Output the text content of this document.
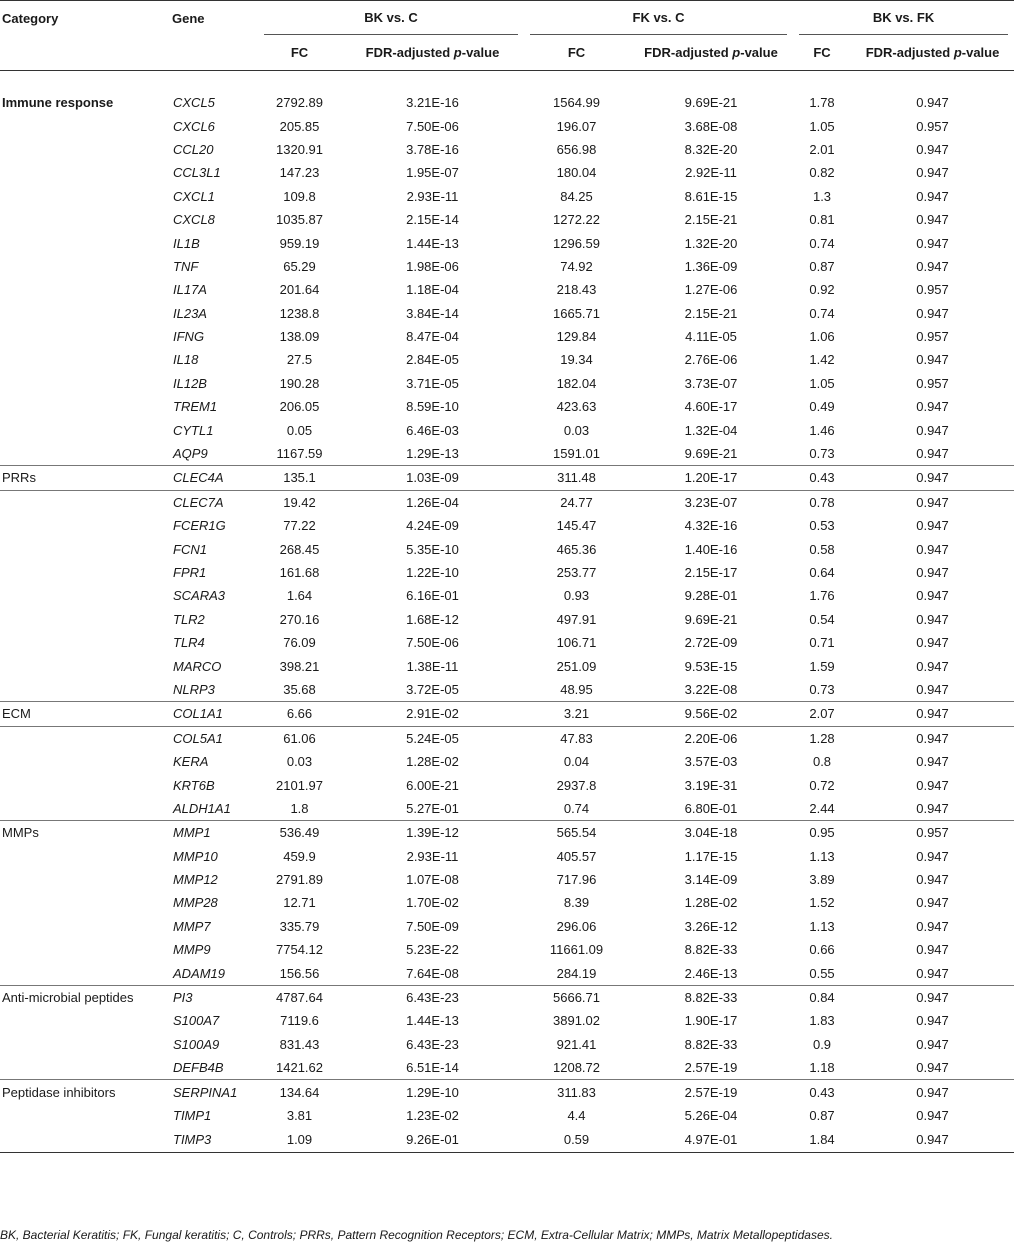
Category	Gene	BK vs. C		FK vs. C		BK vs. FK	

		FC	FDR-adjusted p-value	FC	FDR-adjusted p-value	FC	FDR-adjusted p-value

Immune response	CXCL5	2792.89	3.21E-16	1564.99	9.69E-21	1.78	0.947
	CXCL6	205.85	7.50E-06	196.07	3.68E-08	1.05	0.957
	CCL20	1320.91	3.78E-16	656.98	8.32E-20	2.01	0.947
	CCL3L1	147.23	1.95E-07	180.04	2.92E-11	0.82	0.947
	CXCL1	109.8	2.93E-11	84.25	8.61E-15	1.3	0.947
	CXCL8	1035.87	2.15E-14	1272.22	2.15E-21	0.81	0.947
	IL1B	959.19	1.44E-13	1296.59	1.32E-20	0.74	0.947
	TNF	65.29	1.98E-06	74.92	1.36E-09	0.87	0.947
	IL17A	201.64	1.18E-04	218.43	1.27E-06	0.92	0.957
	IL23A	1238.8	3.84E-14	1665.71	2.15E-21	0.74	0.947
	IFNG	138.09	8.47E-04	129.84	4.11E-05	1.06	0.957
	IL18	27.5	2.84E-05	19.34	2.76E-06	1.42	0.947
	IL12B	190.28	3.71E-05	182.04	3.73E-07	1.05	0.957
	TREM1	206.05	8.59E-10	423.63	4.60E-17	0.49	0.947
	CYTL1	0.05	6.46E-03	0.03	1.32E-04	1.46	0.947
	AQP9	1167.59	1.29E-13	1591.01	9.69E-21	0.73	0.947
PRRs	CLEC4A	135.1	1.03E-09	311.48	1.20E-17	0.43	0.947
	CLEC7A	19.42	1.26E-04	24.77	3.23E-07	0.78	0.947
	FCER1G	77.22	4.24E-09	145.47	4.32E-16	0.53	0.947
	FCN1	268.45	5.35E-10	465.36	1.40E-16	0.58	0.947
	FPR1	161.68	1.22E-10	253.77	2.15E-17	0.64	0.947
	SCARA3	1.64	6.16E-01	0.93	9.28E-01	1.76	0.947
	TLR2	270.16	1.68E-12	497.91	9.69E-21	0.54	0.947
	TLR4	76.09	7.50E-06	106.71	2.72E-09	0.71	0.947
	MARCO	398.21	1.38E-11	251.09	9.53E-15	1.59	0.947
	NLRP3	35.68	3.72E-05	48.95	3.22E-08	0.73	0.947
ECM	COL1A1	6.66	2.91E-02	3.21	9.56E-02	2.07	0.947
	COL5A1	61.06	5.24E-05	47.83	2.20E-06	1.28	0.947
	KERA	0.03	1.28E-02	0.04	3.57E-03	0.8	0.947
	KRT6B	2101.97	6.00E-21	2937.8	3.19E-31	0.72	0.947
	ALDH1A1	1.8	5.27E-01	0.74	6.80E-01	2.44	0.947
MMPs	MMP1	536.49	1.39E-12	565.54	3.04E-18	0.95	0.957
	MMP10	459.9	2.93E-11	405.57	1.17E-15	1.13	0.947
	MMP12	2791.89	1.07E-08	717.96	3.14E-09	3.89	0.947
	MMP28	12.71	1.70E-02	8.39	1.28E-02	1.52	0.947
	MMP7	335.79	7.50E-09	296.06	3.26E-12	1.13	0.947
	MMP9	7754.12	5.23E-22	11661.09	8.82E-33	0.66	0.947
	ADAM19	156.56	7.64E-08	284.19	2.46E-13	0.55	0.947
Anti-microbial peptides	PI3	4787.64	6.43E-23	5666.71	8.82E-33	0.84	0.947
	S100A7	7119.6	1.44E-13	3891.02	1.90E-17	1.83	0.947
	S100A9	831.43	6.43E-23	921.41	8.82E-33	0.9	0.947
	DEFB4B	1421.62	6.51E-14	1208.72	2.57E-19	1.18	0.947
Peptidase inhibitors	SERPINA1	134.64	1.29E-10	311.83	2.57E-19	0.43	0.947
	TIMP1	3.81	1.23E-02	4.4	5.26E-04	0.87	0.947
	TIMP3	1.09	9.26E-01	0.59	4.97E-01	1.84	0.947
BK, Bacterial Keratitis; FK, Fungal keratitis; C, Controls; PRRs, Pattern Recognition Receptors; ECM, Extra-Cellular Matrix; MMPs, Matrix Metallopeptidases.
